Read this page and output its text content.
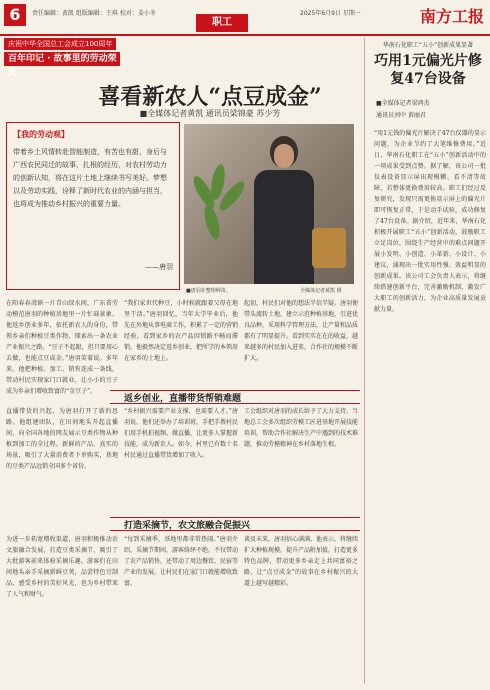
6	责任编辑：黄凯 组版编辑：王琪 校对：姜小冬
职工
2025年6月9日 星期一	南方工报
庆祝中华全国总工会成立100周年
百年印记 · 故事里的劳动荣光
喜看新农人“点豆成金”
■全媒体记者黄凯 通讯员梁锦豪 苏少芳
【我的劳动观】
带着乡土风情转赴智能制造，有苦也有甜，身后与广西农民同迁的故事，扎根的经历，对农村劳动力的创新认知，将在这片土地上继续书写美好。梦想以及劳动实践，诠释了新时代农业的内涵与担当，也将成为推动乡村振兴的重要力量。
——唐羽
■唐羽在整理种苗。	全媒体记者黄凯 摄
在阳春春湾镇一片青山绿水间，广东省劳动模范唐羽的种植基地里一片忙碌景象。他返乡创业多年，依托新农人的身份，带领乡亲们种植豆类作物，探索出一条农业产业振兴之路。“豆子不起眼，但只要用心去做，也能点豆成金。”唐羽笑着说。多年来，他把种植、加工、销售连成一条线，带动村民实现家门口就业，让小小的豆子成为乡亲们增收致富的“金豆子”。
“我们家世代种豆，小时候就跟着父母在地里干活。”唐羽回忆，当年大学毕业后，他先在外地从事电商工作，积累了一定的营销经验。看到家乡的农产品因销路不畅而滞销，他毅然决定返乡创业，把所学的本领用在家乡的土地上。
起初，村民们对他的想法半信半疑。唐羽便带头流转土地，建立示范种植基地，引进优良品种，采用科学管理方法，让产量和品质都有了明显提升。看到实实在在的收益，越来越多的村民加入进来，合作社的规模不断扩大。
返乡创业，直播带货帮销难题
直播带货的兴起，为唐羽打开了新的思路。他组建团队，在田间地头开起直播间，向全国各地的网友展示豆类作物从种植到加工的全过程。新鲜的产品、真实的场景，吸引了大量消费者下单购买，基地的豆类产品远销全国多个省份。
“乡村振兴需要产业支撑，也需要人才。”唐羽说，他们还举办了培训班，手把手教村民们用手机拍视频、做直播，让更多人掌握新技能，成为新农人。如今，村里已有数十名村民通过直播带货增加了收入。
工会组织对唐羽的成长给予了大力支持。当地总工会多次组织劳模工匠进基地开展技能培训，帮助合作社解决生产中遇到的技术难题，推动劳模精神在乡村落地生根。
打造采摘节，农文旅融合促振兴
为进一步拓宽增收渠道，唐羽积极推动农文旅融合发展，打造豆类采摘节，吸引了大批游客前来体验采摘乐趣。游客们在田间地头亲手采摘新鲜豆荚，品尝特色豆制品，感受乡村的美好风光，也为乡村带来了人气和财气。
“每到采摘季，基地里都非常热闹。”唐羽介绍，采摘节期间，游客络绎不绝，不仅带动了农产品销售，还带动了周边餐饮、民宿等产业的发展，让村民们在家门口就能增收致富。
谈及未来，唐羽信心满满。他表示，将继续扩大种植规模，提升产品附加值，打造更多特色品牌，带动更多乡亲走上共同富裕之路，让“点豆成金”的故事在乡村振兴的大道上越写越精彩。
华南石化职工“五小”创新成果显著
巧用1元偏光片修复47台设备
■全媒体记者梁鸿杰
通讯员刘中 黄丽君
“用1元钱的偏光片解决了47台仪器的显示问题，为企业节约了大笔维修费用。”近日，华南石化职工在“五小”创新活动中的一项成果受到点赞。据了解，该公司一批仪表设备显示屏出现模糊、看不清等故障，若整体更换费用较高。职工们经过反复研究，发现只需更换显示屏上的偏光片即可恢复正常，于是动手试验，成功修复了47台设备。据介绍，近年来，华南石化积极开展职工“五小”创新活动，鼓励职工立足岗位，围绕生产经营中的难点问题开展小发明、小创造、小革新、小设计、小建议，涌现出一批实用性强、效益明显的创新成果。该公司工会负责人表示，将继续搭建创新平台，完善激励机制，激发广大职工的创新活力，为企业高质量发展贡献力量。
